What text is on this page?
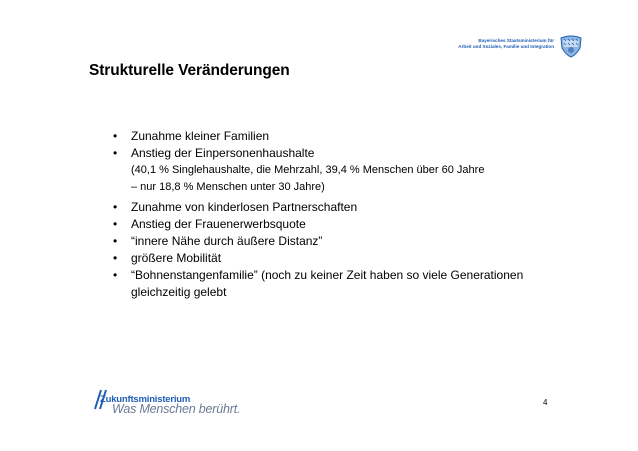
Bayerisches Staatsministerium für
Arbeit und Soziales, Familie und Integration
Strukturelle Veränderungen
•	Zunahme kleiner Familien
•	Anstieg der Einpersonenhaushalte
(40,1 % Singlehaushalte, die Mehrzahl, 39,4 % Menschen über 60 Jahre
– nur 18,8 % Menschen unter 30 Jahre)
•	Zunahme von kinderlosen Partnerschaften
•	Anstieg der Frauenerwerbsquote
•	“innere Nähe durch äußere Distanz”
•	größere Mobilität
•	“Bohnenstangenfamilie” (noch zu keiner Zeit haben so viele Generationen gleichzeitig gelebt
Zukunftsministerium
Was Menschen berührt.	4
